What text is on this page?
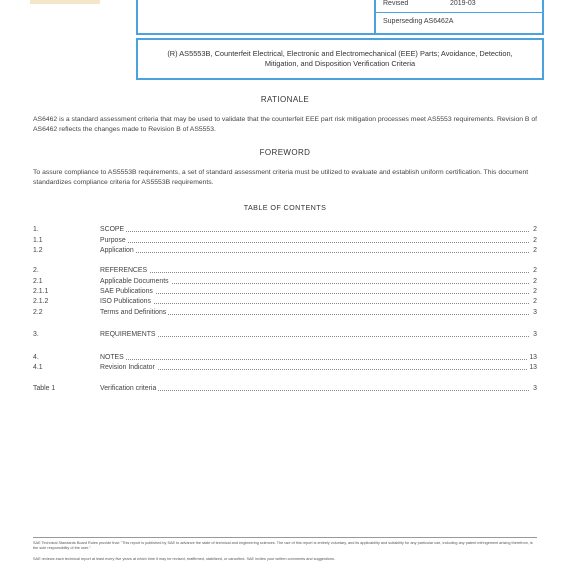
Revised	2019-03
Superseding AS6462A
(R) AS5553B, Counterfeit Electrical, Electronic and Electromechanical (EEE) Parts; Avoidance, Detection, Mitigation, and Disposition Verification Criteria
RATIONALE
AS6462 is a standard assessment criteria that may be used to validate that the counterfeit EEE part risk mitigation processes meet AS5553 requirements. Revision B of AS6462 reflects the changes made to Revision B of AS5553.
FOREWORD
To assure compliance to AS5553B requirements, a set of standard assessment criteria must be utilized to evaluate and establish uniform certification. This document standardizes compliance criteria for AS5553B requirements.
TABLE OF CONTENTS
1.	SCOPE	2
1.1	Purpose	2
1.2	Application	2
2.	REFERENCES	2
2.1	Applicable Documents	2
2.1.1	SAE Publications	2
2.1.2	ISO Publications	2
2.2	Terms and Definitions	3
3.	REQUIREMENTS	3
4.	NOTES	13
4.1	Revision Indicator	13
Table 1	Verification criteria	3
SAE Technical Standards Board Rules provide that: "This report is published by SAE to advance the state of technical and engineering sciences. The use of this report is entirely voluntary, and its applicability and suitability for any particular use, including any patent infringement arising therefrom, is the sole responsibility of the user."
SAE reviews each technical report at least every five years at which time it may be revised, reaffirmed, stabilized, or cancelled. SAE invites your written comments and suggestions.
